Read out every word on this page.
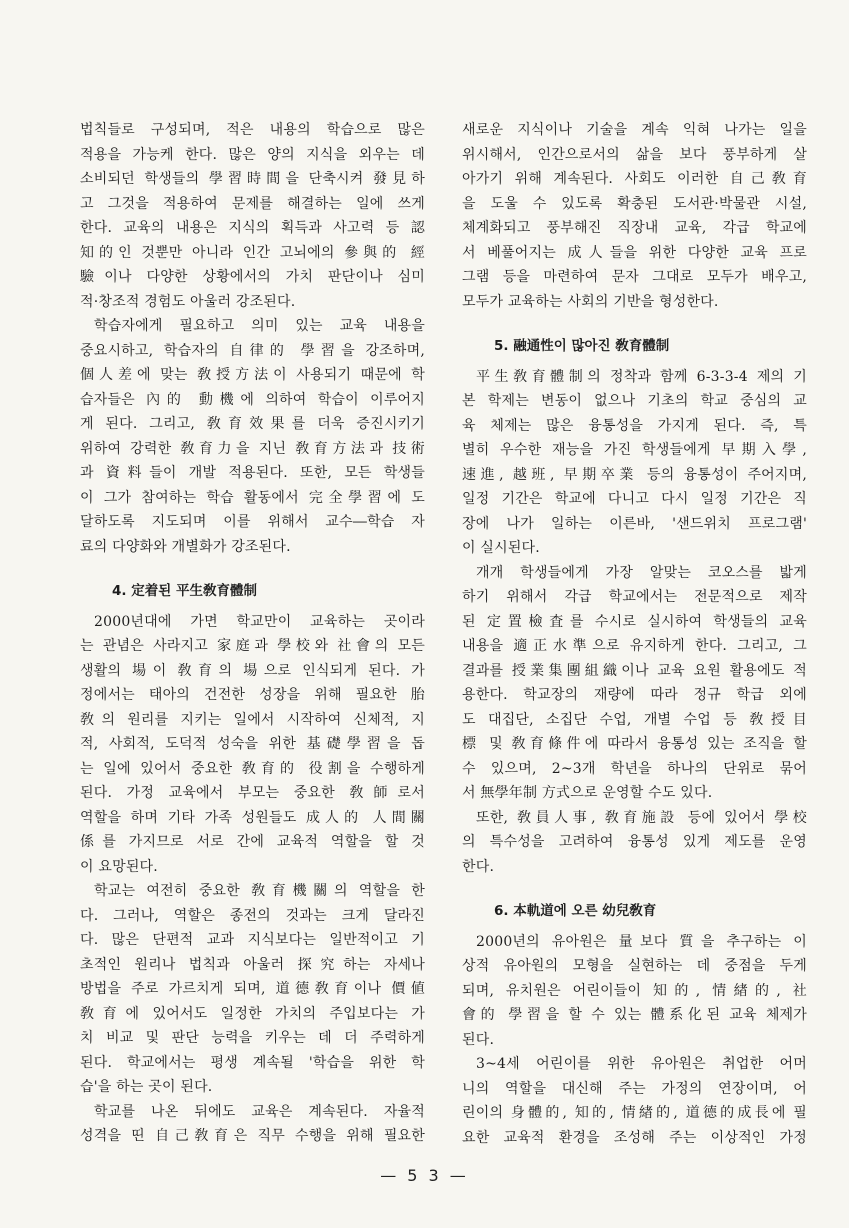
법칙들로 구성되며, 적은 내용의 학습으로 많은
적용을 가능케 한다. 많은 양의 지식을 외우는 데
소비되던 학생들의 學習時間을 단축시켜 發見하
고 그것을 적용하여 문제를 해결하는 일에 쓰게
한다. 교육의 내용은 지식의 획득과 사고력 등 認
知的인 것뿐만 아니라 인간 고뇌에의 參與的 經
驗이나 다양한 상황에서의 가치 판단이나 심미
적·창조적 경험도 아울러 강조된다.
학습자에게 필요하고 의미 있는 교육 내용을
중요시하고, 학습자의 自律的 學習을 강조하며,
個人差에 맞는 敎授方法이 사용되기 때문에 학
습자들은 內的 動機에 의하여 학습이 이루어지
게 된다. 그리고, 敎育效果를 더욱 증진시키기
위하여 강력한 敎育力을 지닌 敎育方法과 技術
과 資料들이 개발 적용된다. 또한, 모든 학생들
이 그가 참여하는 학습 활동에서 完全學習에 도
달하도록 지도되며 이를 위해서 교수―학습 자
료의 다양화와 개별화가 강조된다.
4. 定着된 平生敎育體制
2000년대에 가면 학교만이 교육하는 곳이라
는 관념은 사라지고 家庭과 學校와 社會의 모든
생활의 場이 敎育의 場으로 인식되게 된다. 가
정에서는 태아의 건전한 성장을 위해 필요한 胎
敎의 원리를 지키는 일에서 시작하여 신체적, 지
적, 사회적, 도덕적 성숙을 위한 基礎學習을 돕
는 일에 있어서 중요한 敎育的 役割을 수행하게
된다. 가정 교육에서 부모는 중요한 敎師로서
역할을 하며 기타 가족 성원들도 成人的 人間關
係를 가지므로 서로 간에 교육적 역할을 할 것
이 요망된다.
학교는 여전히 중요한 敎育機關의 역할을 한
다. 그러나, 역할은 종전의 것과는 크게 달라진
다. 많은 단편적 교과 지식보다는 일반적이고 기
초적인 원리나 법칙과 아울러 探究하는 자세나
방법을 주로 가르치게 되며, 道德敎育이나 價値
敎育에 있어서도 일정한 가치의 주입보다는 가
치 비교 및 판단 능력을 키우는 데 더 주력하게
된다. 학교에서는 평생 계속될 '학습을 위한 학
습'을 하는 곳이 된다.
학교를 나온 뒤에도 교육은 계속된다. 자율적
성격을 띤 自己敎育은 직무 수행을 위해 필요한
새로운 지식이나 기술을 계속 익혀 나가는 일을
위시해서, 인간으로서의 삶을 보다 풍부하게 살
아가기 위해 계속된다. 사회도 이러한 自己敎育
을 도울 수 있도록 확충된 도서관·박물관 시설,
체계화되고 풍부해진 직장내 교육, 각급 학교에
서 베풀어지는 成人들을 위한 다양한 교육 프로
그램 등을 마련하여 문자 그대로 모두가 배우고,
모두가 교육하는 사회의 기반을 형성한다.
5. 融通性이 많아진 敎育體制
平生敎育體制의 정착과 함께 6-3-3-4 제의 기
본 학제는 변동이 없으나 기초의 학교 중심의 교
육 체제는 많은 융통성을 가지게 된다. 즉, 특
별히 우수한 재능을 가진 학생들에게 早期入學,
速進, 越班, 早期卒業 등의 융통성이 주어지며,
일정 기간은 학교에 다니고 다시 일정 기간은 직
장에 나가 일하는 이른바, '샌드위치 프로그램'
이 실시된다.
개개 학생들에게 가장 알맞는 코오스를 밟게
하기 위해서 각급 학교에서는 전문적으로 제작
된 定置檢査를 수시로 실시하여 학생들의 교육
내용을 適正水準으로 유지하게 한다. 그리고, 그
결과를 授業集團組織이나 교육 요원 활용에도 적
용한다. 학교장의 재량에 따라 정규 학급 외에
도 대집단, 소집단 수업, 개별 수업 등 敎授目
標 및 敎育條件에 따라서 융통성 있는 조직을 할
수 있으며, 2~3개 학년을 하나의 단위로 묶어
서 無學年制 方式으로 운영할 수도 있다.
또한, 敎員人事, 敎育施設 등에 있어서 學校
의 특수성을 고려하여 융통성 있게 제도를 운영
한다.
6. 本軌道에 오른 幼兒敎育
2000년의 유아원은 量보다 質을 추구하는 이
상적 유아원의 모형을 실현하는 데 중점을 두게
되며, 유치원은 어린이들이 知的, 情緖的, 社
會的 學習을 할 수 있는 體系化된 교육 체제가
된다.
3~4세 어린이를 위한 유아원은 취업한 어머
니의 역할을 대신해 주는 가정의 연장이며, 어
린이의 身體的, 知的, 情緖的, 道德的成長에 필
요한 교육적 환경을 조성해 주는 이상적인 가정
— 5 3 —
